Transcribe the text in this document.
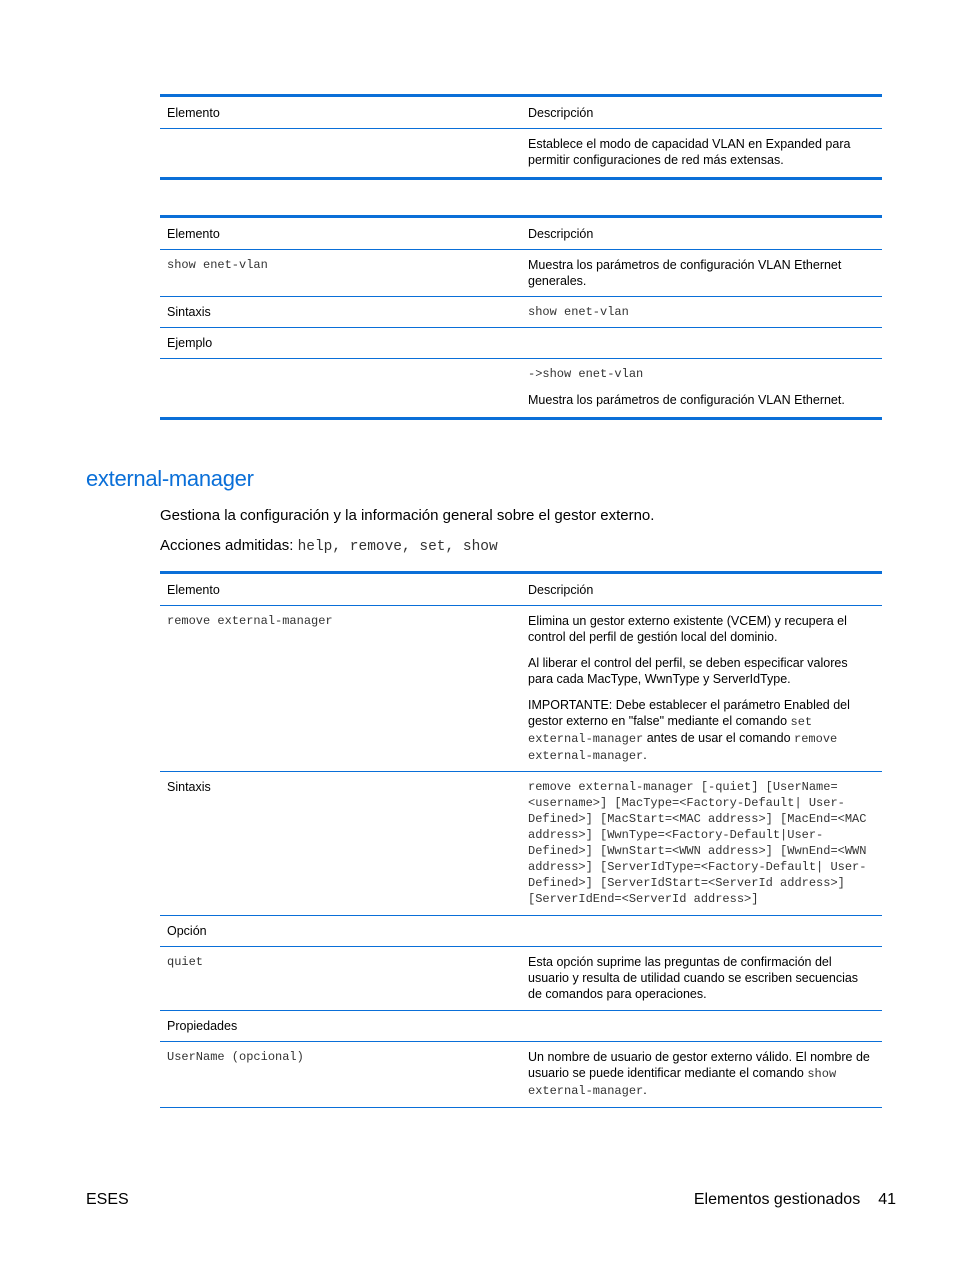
Elemento	Descripción
	Establece el modo de capacidad VLAN en Expanded para permitir configuraciones de red más extensas.
Elemento	Descripción
show enet-vlan	Muestra los parámetros de configuración VLAN Ethernet generales.
Sintaxis	show enet-vlan
Ejemplo	

	->show enet-vlan
Muestra los parámetros de configuración VLAN Ethernet.
external-manager

Gestiona la configuración y la información general sobre el gestor externo.

Acciones admitidas: help, remove, set, show

Elemento	Descripción
remove external-manager	Elimina un gestor externo existente (VCEM) y recupera el control del perfil de gestión local del dominio.
Al liberar el control del perfil, se deben especificar valores para cada MacType, WwnType y ServerIdType.
IMPORTANTE: Debe establecer el parámetro Enabled del gestor externo en "false" mediante el comando set external-manager antes de usar el comando remove external-manager.

Sintaxis	remove external-manager [-quiet] [UserName=<username>] [MacType=<Factory-Default| User-Defined>] [MacStart=<MAC address>] [MacEnd=<MAC address>] [WwnType=<Factory-Default|User-Defined>] [WwnStart=<WWN address>] [WwnEnd=<WWN address>] [ServerIdType=<Factory-Default| User-Defined>] [ServerIdStart=<ServerId address>] [ServerIdEnd=<ServerId address>]
Opción	
quiet	Esta opción suprime las preguntas de confirmación del usuario y resulta de utilidad cuando se escriben secuencias de comandos para operaciones.
Propiedades	
UserName (opcional)	Un nombre de usuario de gestor externo válido. El nombre de usuario se puede identificar mediante el comando show external-manager.
ESES	Elementos gestionados 41
